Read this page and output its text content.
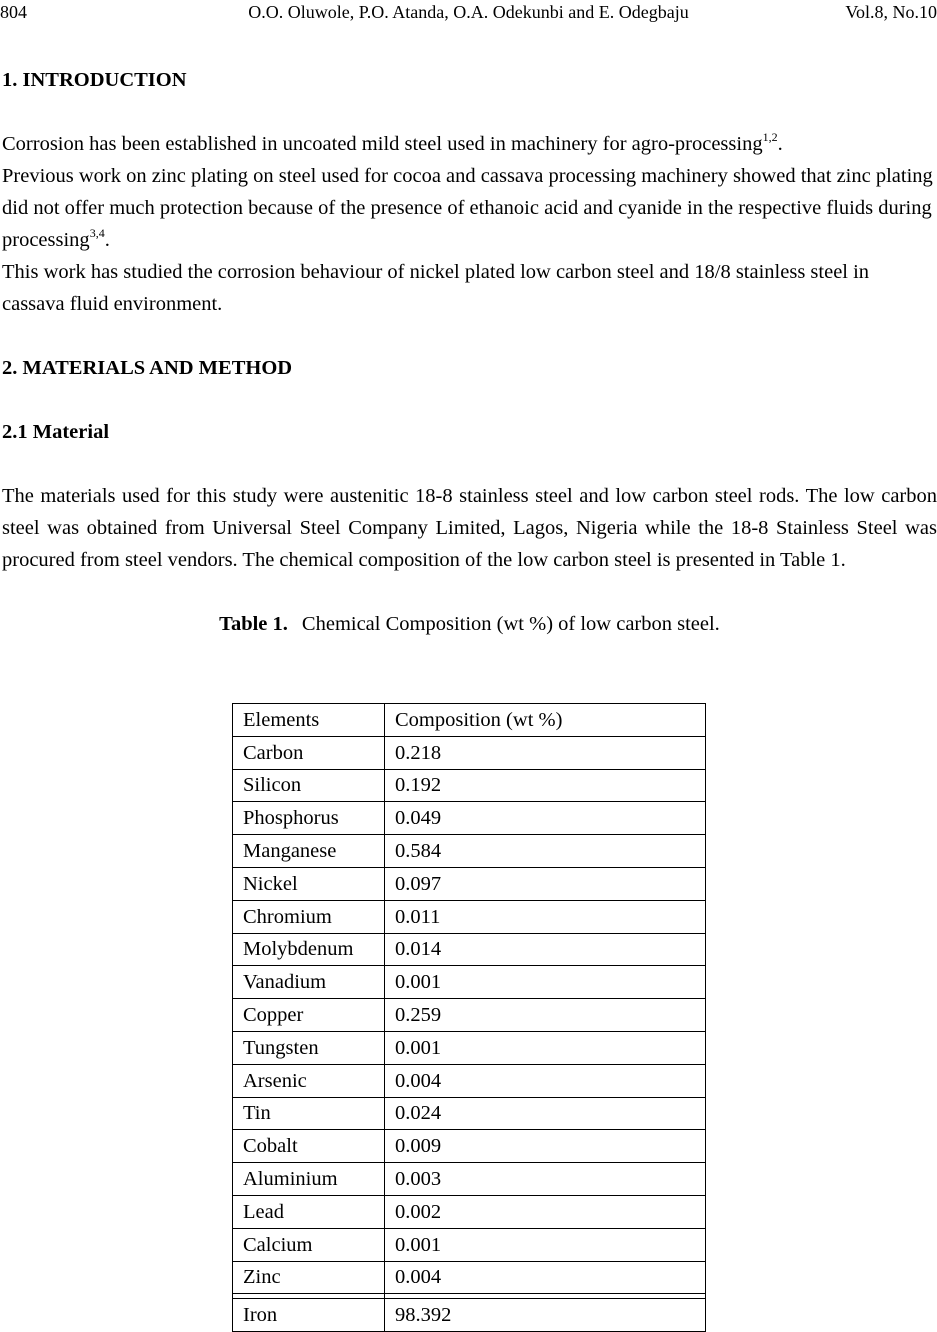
804	O.O. Oluwole, P.O. Atanda, O.A. Odekunbi and E. Odegbaju	Vol.8, No.10
1. INTRODUCTION

Corrosion has been established in uncoated mild steel used in machinery for agro-processing$^{1,2}$.

Previous work on zinc plating on steel used for cocoa and cassava processing machinery showed that zinc plating did not offer much protection because of the presence of ethanoic acid and cyanide in the respective fluids during processing$^{3,4}$.

This work has studied the corrosion behaviour of nickel plated low carbon steel and 18/8 stainless steel in cassava fluid environment.

2. MATERIALS AND METHOD
2.1 Material

The materials used for this study were austenitic 18-8 stainless steel and low carbon steel rods. The low carbon steel was obtained from Universal Steel Company Limited, Lagos, Nigeria while the 18-8 Stainless Steel was procured from steel vendors. The chemical composition of the low carbon steel is presented in Table 1.

Table 1. Chemical Composition (wt %) of low carbon steel.

Elements	Composition (wt %)
Carbon	0.218
Silicon	0.192
Phosphorus	0.049
Manganese	0.584
Nickel	0.097
Chromium	0.011
Molybdenum	0.014
Vanadium	0.001
Copper	0.259
Tungsten	0.001
Arsenic	0.004
Tin	0.024
Cobalt	0.009
Aluminium	0.003
Lead	0.002
Calcium	0.001
Zinc	0.004

Iron	98.392
